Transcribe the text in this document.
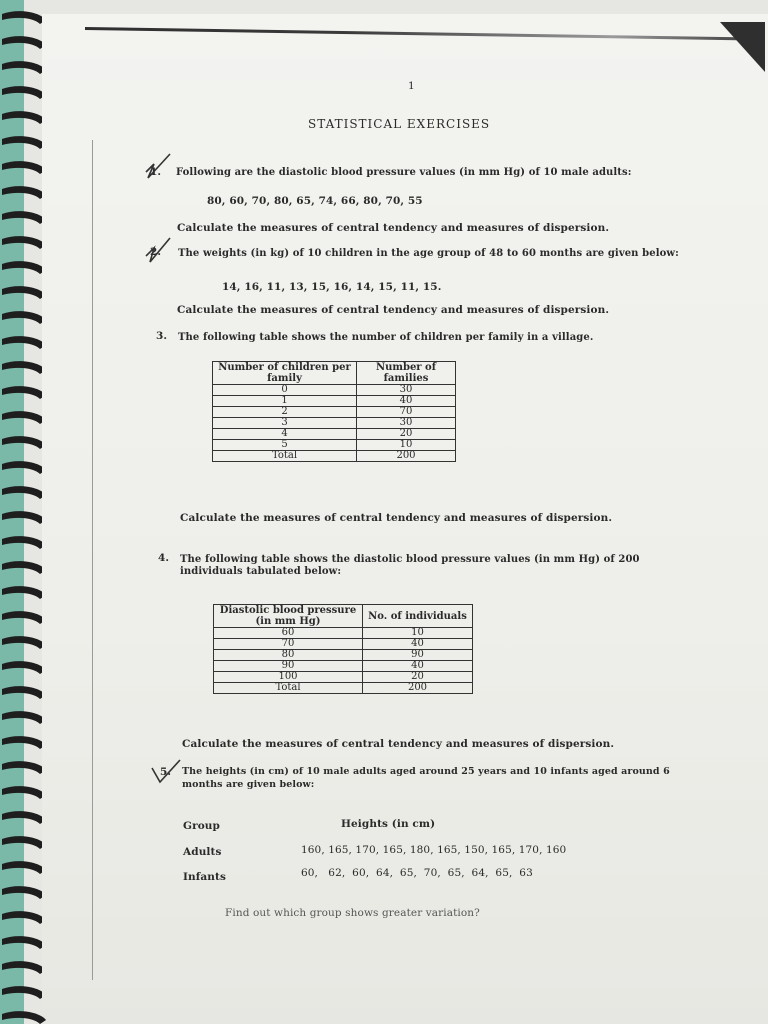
1
STATISTICAL EXERCISES
1. Following are the diastolic blood pressure values (in mm Hg) of 10 male adults:
80, 60, 70, 80, 65, 74, 66, 80, 70, 55
Calculate the measures of central tendency and measures of dispersion.
2. The weights (in kg) of 10 children in the age group of 48 to 60 months are given below:
14, 16, 11, 13, 15, 16, 14, 15, 11, 15.
Calculate the measures of central tendency and measures of dispersion.
3. The following table shows the number of children per family in a village.
Number of children per family	Number of families
0	30
1	40
2	70
3	30
4	20
5	10
Total	200
Calculate the measures of central tendency and measures of dispersion.
4. The following table shows the diastolic blood pressure values (in mm Hg) of 200
individuals tabulated below:
Diastolic blood pressure (in mm Hg)	No. of individuals
60	10
70	40
80	90
90	40
100	20
Total	200
Calculate the measures of central tendency and measures of dispersion.
5. The heights (in cm) of 10 male adults aged around 25 years and 10 infants aged around 6
months are given below:
Group	Heights (in cm)
Adults	160, 165, 170, 165, 180, 165, 150, 165, 170, 160
Infants	60,   62,  60,  64,  65,  70,  65,  64,  65,  63
Find out which group shows greater variation?
